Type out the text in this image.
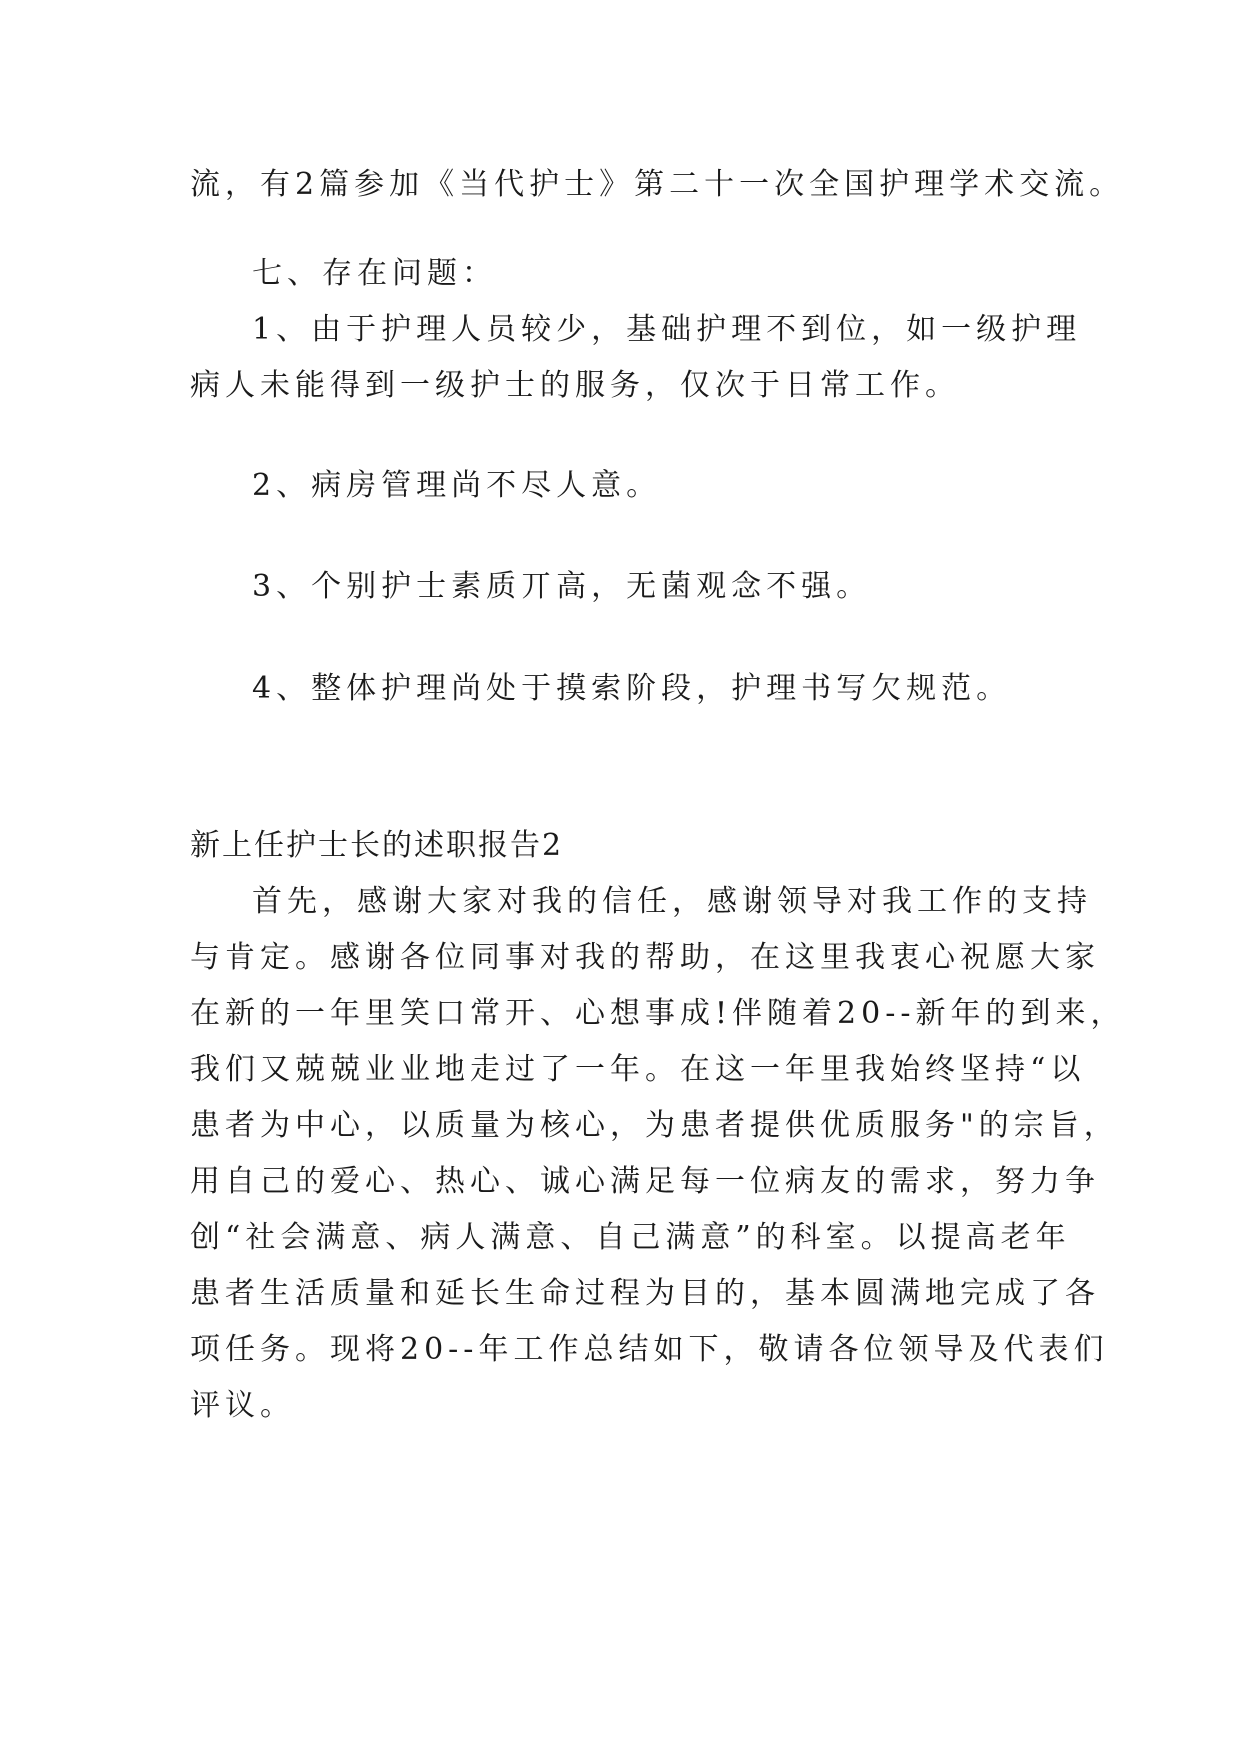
流，有2篇参加《当代护士》第二十一次全国护理学术交流。
七、存在问题：
1、由于护理人员较少，基础护理不到位，如一级护理
病人未能得到一级护士的服务，仅次于日常工作。
2、病房管理尚不尽人意。
3、个别护士素质丌高，无菌观念不强。
4、整体护理尚处于摸索阶段，护理书写欠规范。
新上任护士长的述职报告2
首先，感谢大家对我的信任，感谢领导对我工作的支持
与肯定。感谢各位同事对我的帮助，在这里我衷心祝愿大家
在新的一年里笑口常开、心想事成!伴随着20--新年的到来，
我们又兢兢业业地走过了一年。在这一年里我始终坚持“以
患者为中心，以质量为核心，为患者提供优质服务"的宗旨，
用自己的爱心、热心、诚心满足每一位病友的需求，努力争
创“社会满意、病人满意、自己满意”的科室。以提高老年
患者生活质量和延长生命过程为目的，基本圆满地完成了各
项任务。现将20--年工作总结如下，敬请各位领导及代表们
评议。
